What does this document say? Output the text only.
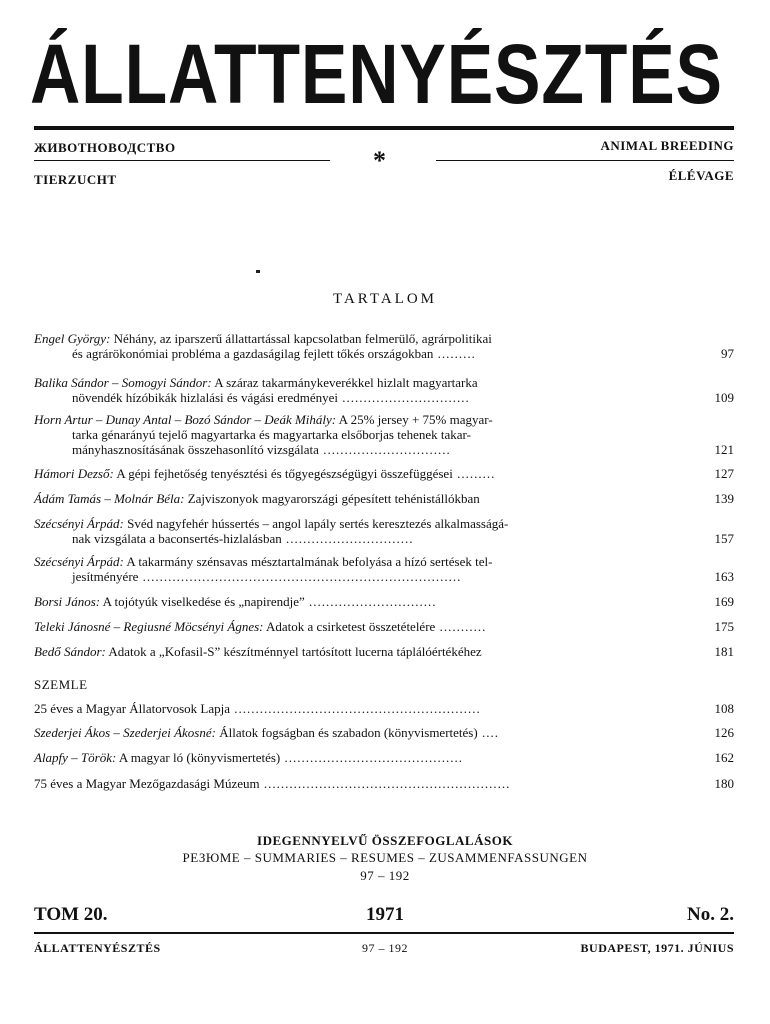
ÁLLATTENYÉSZTÉS
ЖИВОТНОВОДСТВО	ANIMAL BREEDING
*
TIERZUCHT	ÉLÉVAGE
TARTALOM
Engel György: Néhány, az iparszerű állattartással kapcsolatban felmerülő, agrárpolitikai
és agrárökonómiai probléma a gazdaságilag fejlett tőkés országokban .........	97
Balika Sándor – Somogyi Sándor: A száraz takarmánykeverékkel hizlalt magyartarka
növendék hízóbikák hizlalási és vágási eredményei ..............................	109
Horn Artur – Dunay Antal – Bozó Sándor – Deák Mihály: A 25% jersey + 75% magyar-
tarka génarányú tejelő magyartarka és magyartarka elsőborjas tehenek takar-
mányhasznosításának összehasonlító vizsgálata ..............................	121
Hámori Dezső: A gépi fejhetőség tenyésztési és tőgyegészségügyi összefüggései .........	127
Ádám Tamás – Molnár Béla: Zajviszonyok magyarországi gépesített tehénistállókban	139
Szécsényi Árpád: Svéd nagyfehér hússertés – angol lapály sertés keresztezés alkalmasságá-
nak vizsgálata a baconsertés-hizlalásban ..............................	157
Szécsényi Árpád: A takarmány szénsavas mésztartalmának befolyása a hízó sertések tel-
jesítményére ...........................................................................	163
Borsi János: A tojótyúk viselkedése és „napirendje” ..............................	169
Teleki Jánosné – Regiusné Möcsényi Ágnes: Adatok a csirketest összetételére ...........	175
Bedő Sándor: Adatok a „Kofasil-S” készítménnyel tartósított lucerna táplálóértékéhez	181
SZEMLE
25 éves a Magyar Állatorvosok Lapja ..........................................................	108
Szederjei Ákos – Szederjei Ákosné: Állatok fogságban és szabadon (könyvismertetés) ....	126
Alapfy – Török: A magyar ló (könyvismertetés) ..........................................	162
75 éves a Magyar Mezőgazdasági Múzeum ..........................................................	180
IDEGENNYELVŰ ÖSSZEFOGLALÁSOK
РЕЗЮМЕ – SUMMARIES – RESUMES – ZUSAMMENFASSUNGEN
97 – 192
TOM 20.	1971	No. 2.
ÁLLATTENYÉSZTÉS	97 – 192	BUDAPEST, 1971. JÚNIUS
